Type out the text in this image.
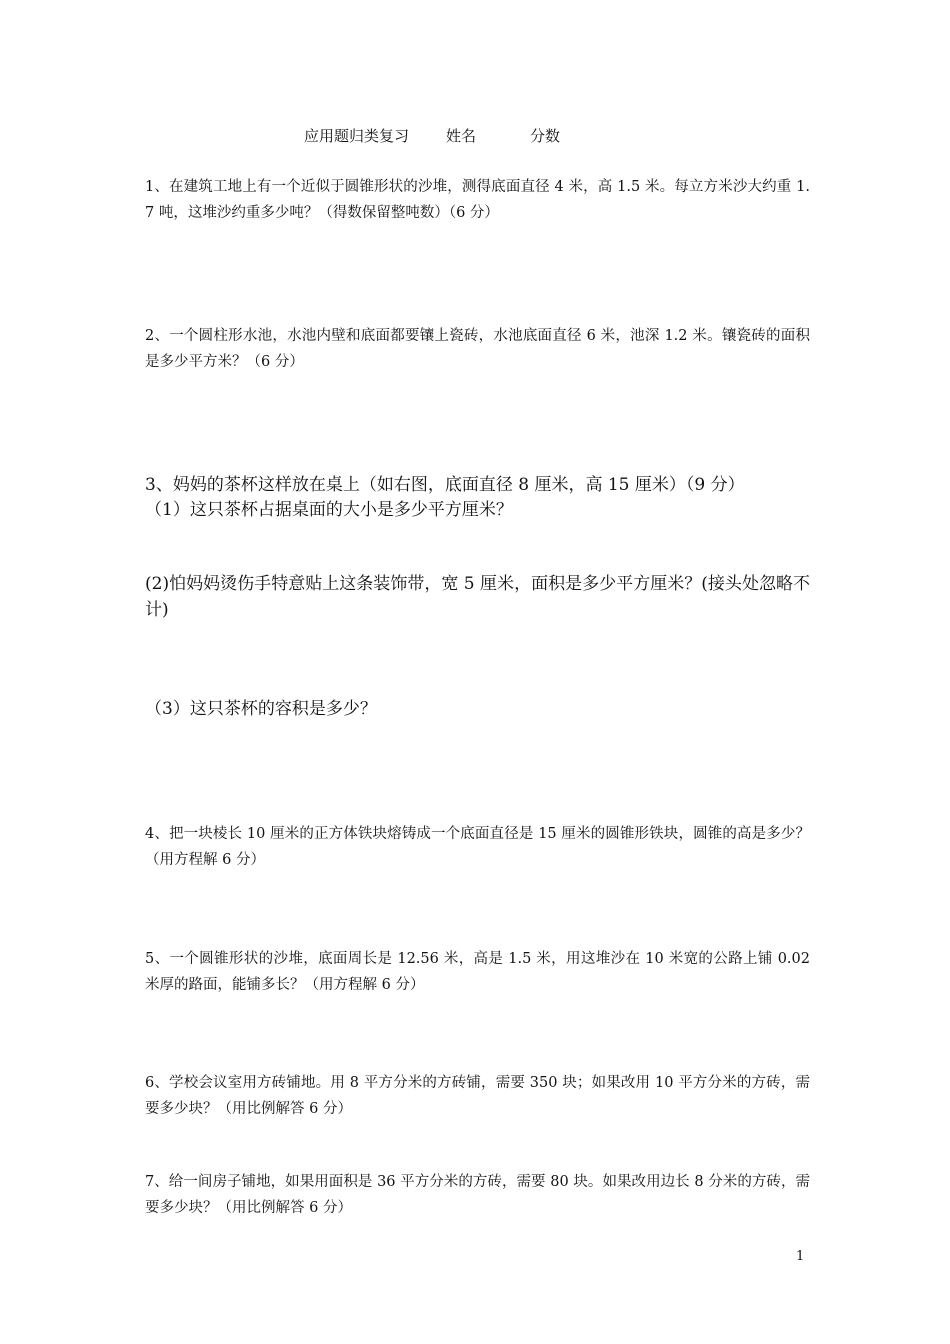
应用题归类复习 姓名	分数

1、在建筑工地上有一个近似于圆锥形状的沙堆，测得底面直径 4 米，高 1.5 米。每立方米沙大约重 1.7 吨，这堆沙约重多少吨？（得数保留整吨数）（6 分）

2、一个圆柱形水池，水池内壁和底面都要镶上瓷砖，水池底面直径 6 米，池深 1.2 米。镶瓷砖的面积是多少平方米？（6 分）

3、妈妈的茶杯这样放在桌上（如右图，底面直径 8 厘米，高 15 厘米）（9 分）

（1）这只茶杯占据桌面的大小是多少平方厘米？

(2)怕妈妈烫伤手特意贴上这条装饰带，宽 5 厘米，面积是多少平方厘米？(接头处忽略不计)

（3）这只茶杯的容积是多少？

4、把一块棱长 10 厘米的正方体铁块熔铸成一个底面直径是 15 厘米的圆锥形铁块，圆锥的高是多少？（用方程解 6 分）

5、一个圆锥形状的沙堆，底面周长是 12.56 米，高是 1.5 米，用这堆沙在 10 米宽的公路上铺 0.02 米厚的路面，能铺多长？（用方程解 6 分）

6、学校会议室用方砖铺地。用 8 平方分米的方砖铺，需要 350 块；如果改用 10 平方分米的方砖，需要多少块？（用比例解答 6 分）

7、给一间房子铺地，如果用面积是 36 平方分米的方砖，需要 80 块。如果改用边长 8 分米的方砖，需要多少块？（用比例解答 6 分）

1
